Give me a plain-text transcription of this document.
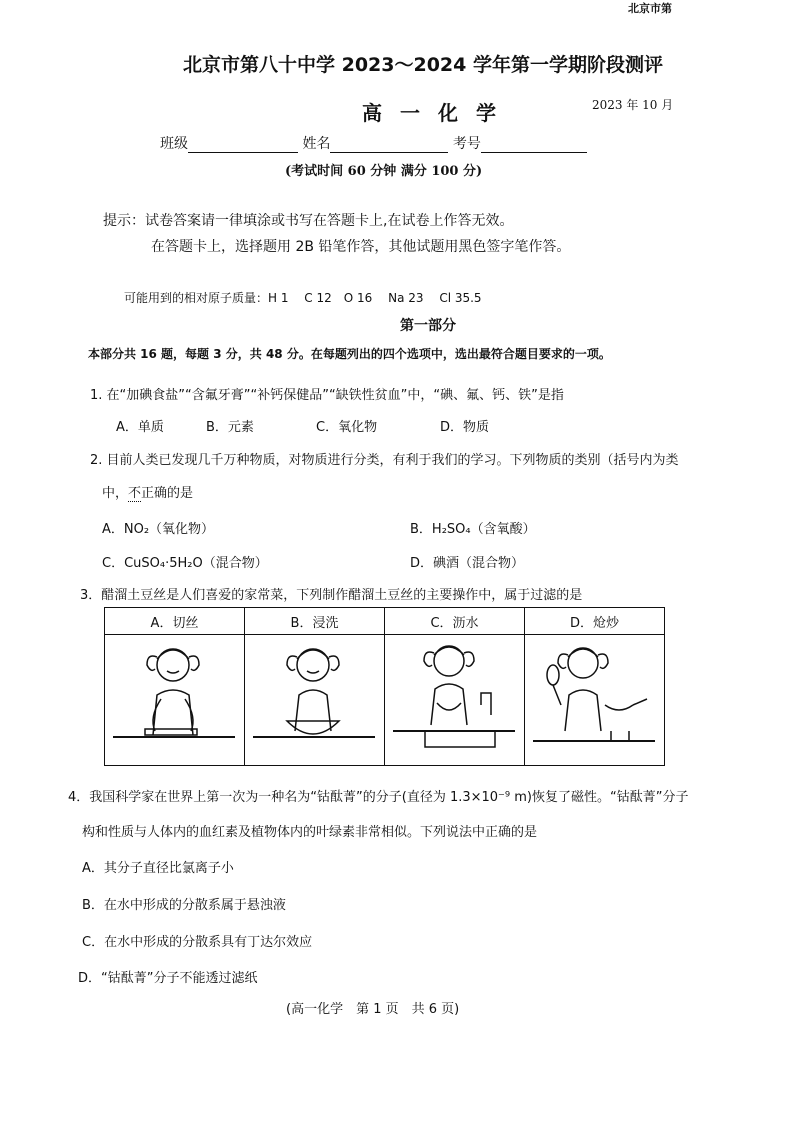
北京市第
北京市第八十中学 2023～2024 学年第一学期阶段测评
高一化学	2023 年 10 月
班级	姓名	考号
(考试时间 60 分钟 满分 100 分)
提示：试卷答案请一律填涂或书写在答题卡上,在试卷上作答无效。
在答题卡上，选择题用 2B 铅笔作答，其他试题用黑色签字笔作答。
可能用到的相对原子质量：H 1　 C 12　O 16　 Na 23　 Cl 35.5
第一部分
本部分共 16 题，每题 3 分，共 48 分。在每题列出的四个选项中，选出最符合题目要求的一项。
1. 在“加碘食盐”“含氟牙膏”“补钙保健品”“缺铁性贫血”中，“碘、氟、钙、铁”是指
A．单质	B．元素	C．氧化物	D．物质
2. 目前人类已发现几千万种物质，对物质进行分类，有利于我们的学习。下列物质的类别（括号内为类
中，不正确的是
A．NO₂（氧化物）	B．H₂SO₄（含氧酸）
C．CuSO₄·5H₂O（混合物）	D．碘酒（混合物）
3．醋溜土豆丝是人们喜爱的家常菜，下列制作醋溜土豆丝的主要操作中，属于过滤的是
A．切丝	B．浸洗	C．沥水	D．炝炒

4．我国科学家在世界上第一次为一种名为“钴酞菁”的分子(直径为 1.3×10⁻⁹ m)恢复了磁性。“钴酞菁”分子
构和性质与人体内的血红素及植物体内的叶绿素非常相似。下列说法中正确的是
A．其分子直径比氯离子小
B．在水中形成的分散系属于悬浊液
C．在水中形成的分散系具有丁达尔效应
D．“钴酞菁”分子不能透过滤纸
(高一化学　第 1 页　共 6 页)
